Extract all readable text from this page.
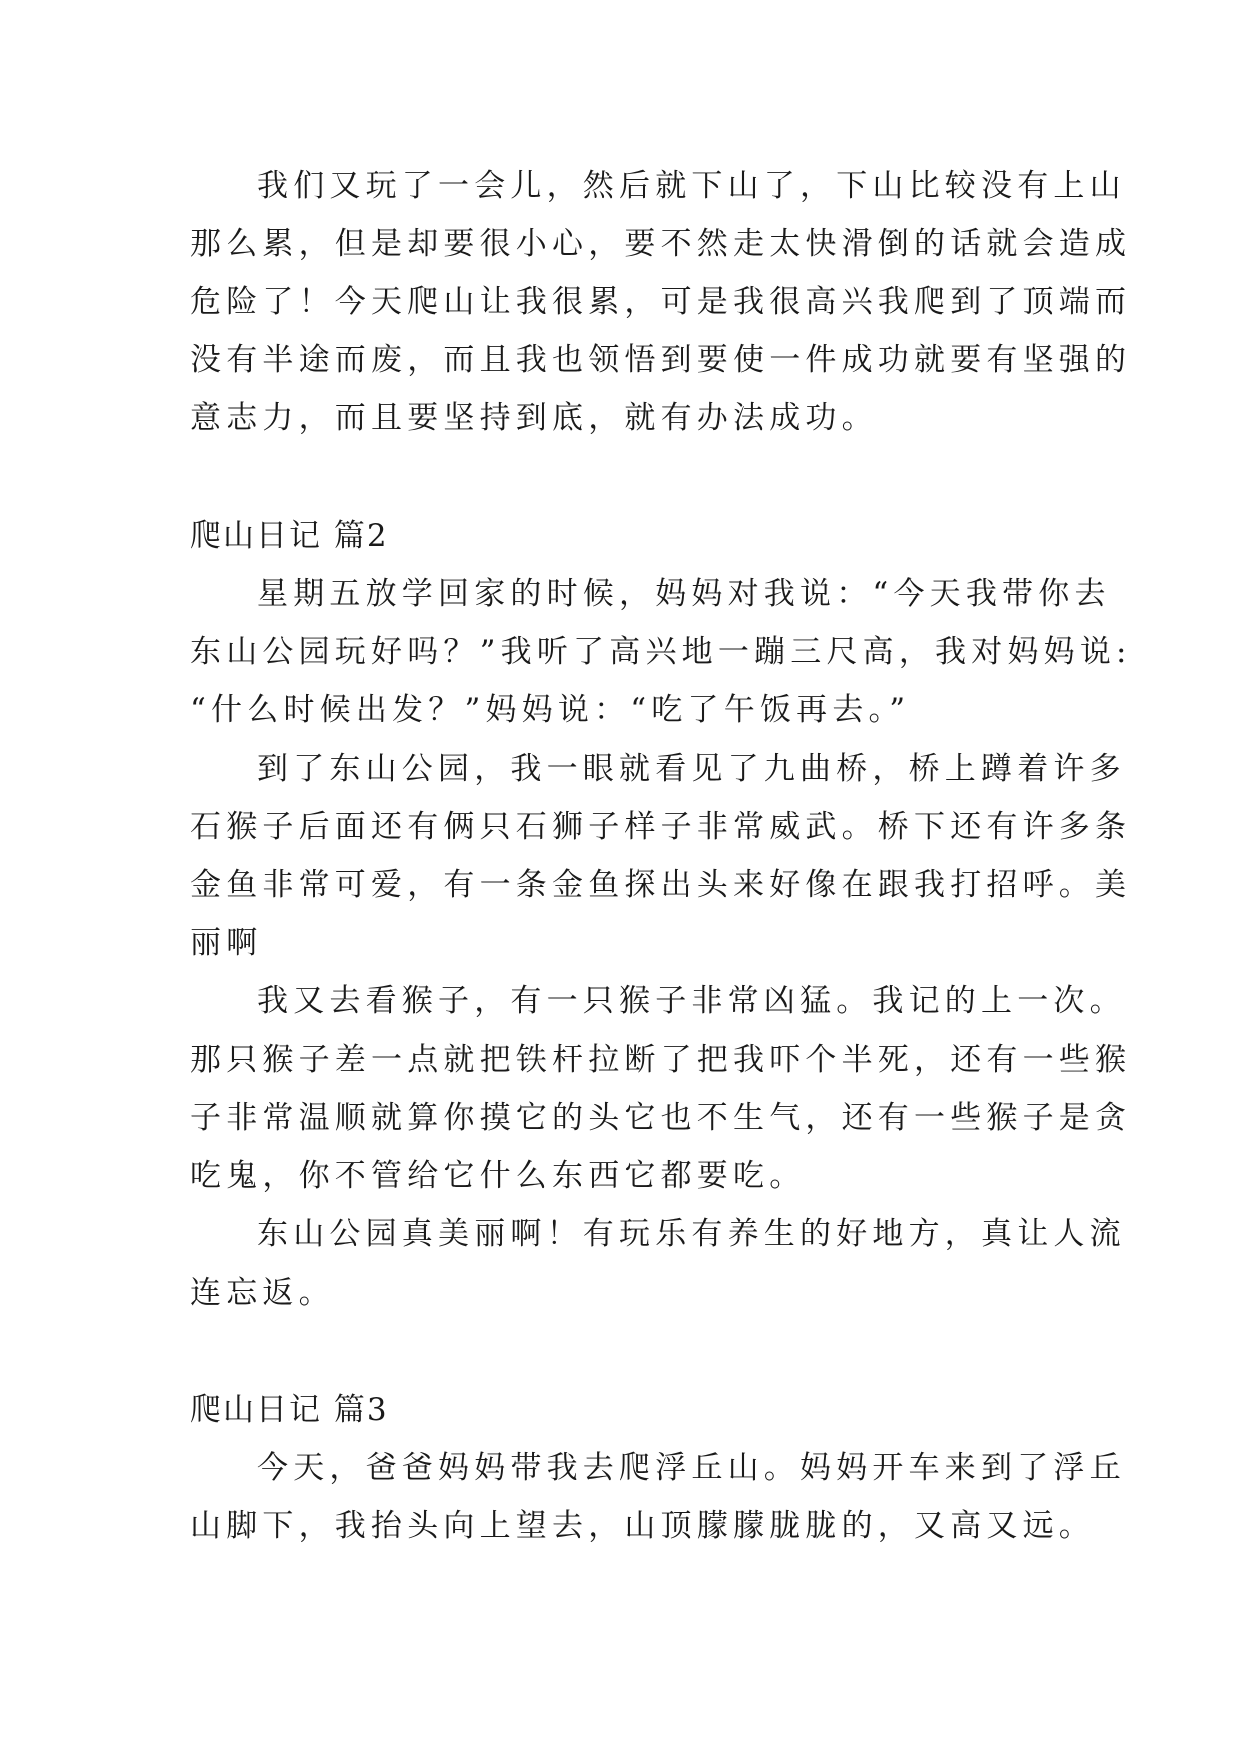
我们又玩了一会儿，然后就下山了，下山比较没有上山
那么累，但是却要很小心，要不然走太快滑倒的话就会造成
危险了！今天爬山让我很累，可是我很高兴我爬到了顶端而
没有半途而废，而且我也领悟到要使一件成功就要有坚强的
意志力，而且要坚持到底，就有办法成功。
爬山日记 篇2
星期五放学回家的时候，妈妈对我说：“今天我带你去
东山公园玩好吗？”我听了高兴地一蹦三尺高，我对妈妈说:
“什么时候出发？”妈妈说：“吃了午饭再去。”
到了东山公园，我一眼就看见了九曲桥，桥上蹲着许多
石猴子后面还有俩只石狮子样子非常威武。桥下还有许多条
金鱼非常可爱，有一条金鱼探出头来好像在跟我打招呼。美
丽啊
我又去看猴子，有一只猴子非常凶猛。我记的上一次。
那只猴子差一点就把铁杆拉断了把我吓个半死，还有一些猴
子非常温顺就算你摸它的头它也不生气，还有一些猴子是贪
吃鬼，你不管给它什么东西它都要吃。
东山公园真美丽啊！有玩乐有养生的好地方，真让人流
连忘返。
爬山日记 篇3
今天，爸爸妈妈带我去爬浮丘山。妈妈开车来到了浮丘
山脚下，我抬头向上望去，山顶朦朦胧胧的，又高又远。
